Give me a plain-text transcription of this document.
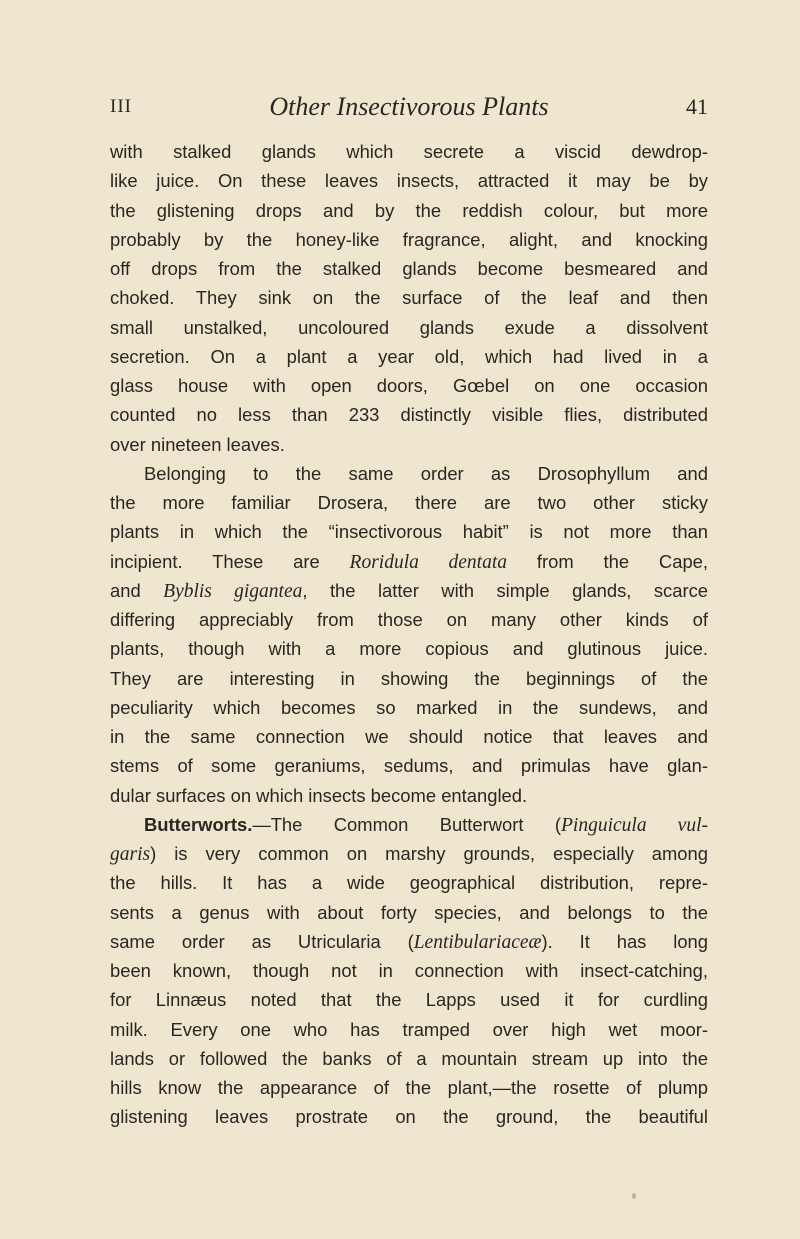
III	Other Insectivorous Plants	41
with stalked glands which secrete a viscid dewdrop-
like juice. On these leaves insects, attracted it may be by
the glistening drops and by the reddish colour, but more
probably by the honey-like fragrance, alight, and knocking
off drops from the stalked glands become besmeared and
choked. They sink on the surface of the leaf and then
small unstalked, uncoloured glands exude a dissolvent
secretion. On a plant a year old, which had lived in a
glass house with open doors, Gœbel on one occasion
counted no less than 233 distinctly visible flies, distributed
over nineteen leaves.
Belonging to the same order as Drosophyllum and
the more familiar Drosera, there are two other sticky
plants in which the “insectivorous habit” is not more than
incipient. These are Roridula dentata from the Cape,
and Byblis gigantea, the latter with simple glands, scarce
differing appreciably from those on many other kinds of
plants, though with a more copious and glutinous juice.
They are interesting in showing the beginnings of the
peculiarity which becomes so marked in the sundews, and
in the same connection we should notice that leaves and
stems of some geraniums, sedums, and primulas have glan-
dular surfaces on which insects become entangled.
Butterworts.—The Common Butterwort (Pinguicula vul-
garis) is very common on marshy grounds, especially among
the hills. It has a wide geographical distribution, repre-
sents a genus with about forty species, and belongs to the
same order as Utricularia (Lentibulariaceæ). It has long
been known, though not in connection with insect-catching,
for Linnæus noted that the Lapps used it for curdling
milk. Every one who has tramped over high wet moor-
lands or followed the banks of a mountain stream up into the
hills know the appearance of the plant,—the rosette of plump
glistening leaves prostrate on the ground, the beautiful
